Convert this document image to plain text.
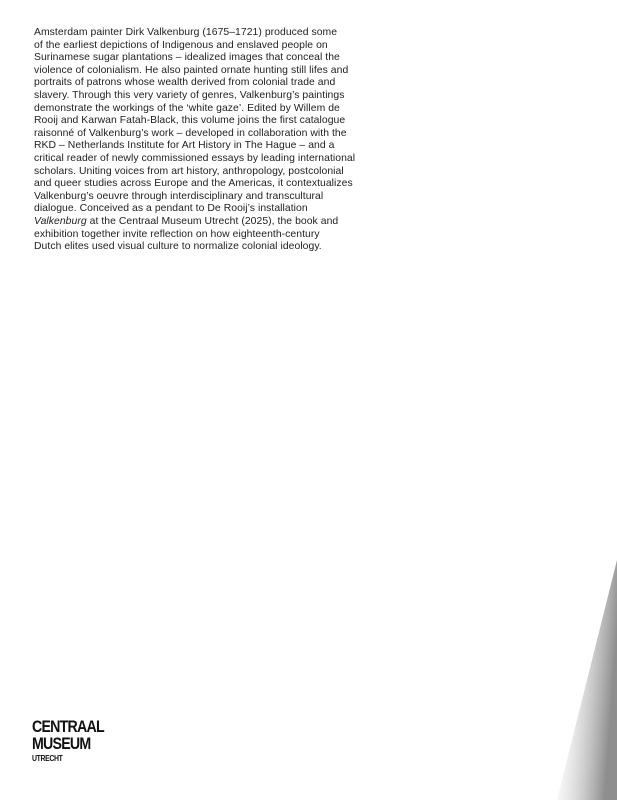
Amsterdam painter Dirk Valkenburg (1675–1721) produced some
of the earliest depictions of Indigenous and enslaved people on
Surinamese sugar plantations – idealized images that conceal the
violence of colonialism. He also painted ornate hunting still lifes and
portraits of patrons whose wealth derived from colonial trade and
slavery. Through this very variety of genres, Valkenburg’s paintings
demonstrate the workings of the ‘white gaze’. Edited by Willem de
Rooij and Karwan Fatah-Black, this volume joins the first catalogue
raisonné of Valkenburg’s work – developed in collaboration with the
RKD – Netherlands Institute for Art History in The Hague – and a
critical reader of newly commissioned essays by leading international
scholars. Uniting voices from art history, anthropology, postcolonial
and queer studies across Europe and the Americas, it contextualizes
Valkenburg’s oeuvre through interdisciplinary and transcultural
dialogue. Conceived as a pendant to De Rooij’s installation
Valkenburg at the Centraal Museum Utrecht (2025), the book and
exhibition together invite reflection on how eighteenth-century
Dutch elites used visual culture to normalize colonial ideology.

CENTRAAL
MUSEUM
UTRECHT
